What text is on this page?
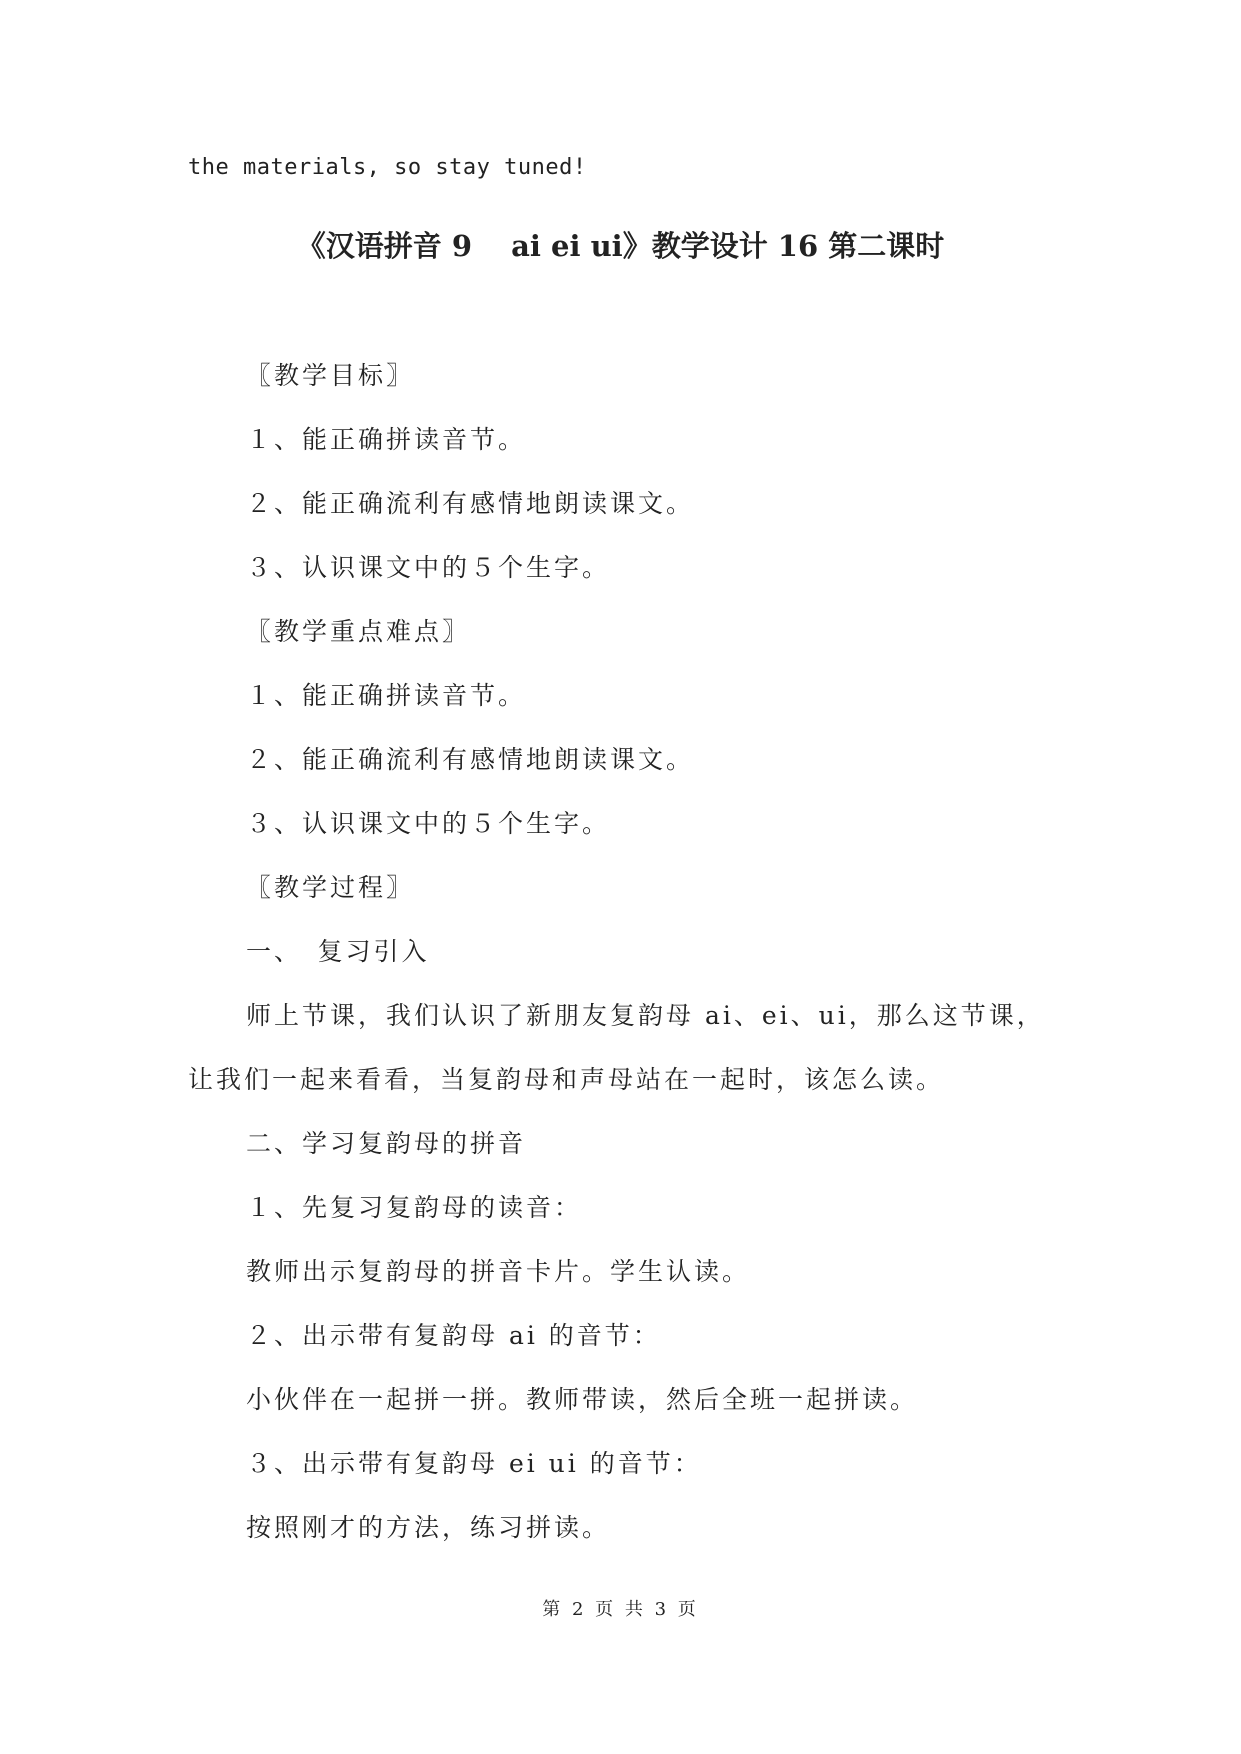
the materials, so stay tuned!
《汉语拼音 9　 ai ei ui》教学设计 16 第二课时
〖教学目标〗
１、能正确拼读音节。
２、能正确流利有感情地朗读课文。
３、认识课文中的５个生字。
〖教学重点难点〗
１、能正确拼读音节。
２、能正确流利有感情地朗读课文。
３、认识课文中的５个生字。
〖教学过程〗
一、　复习引入
师上节课，我们认识了新朋友复韵母 ai、ei、ui，那么这节课，
让我们一起来看看，当复韵母和声母站在一起时，该怎么读。
二、学习复韵母的拼音
１、先复习复韵母的读音：
教师出示复韵母的拼音卡片。学生认读。
２、出示带有复韵母 ai 的音节：
小伙伴在一起拼一拼。教师带读，然后全班一起拼读。
３、出示带有复韵母 ei ui 的音节：
按照刚才的方法，练习拼读。
第 2 页 共 3 页
